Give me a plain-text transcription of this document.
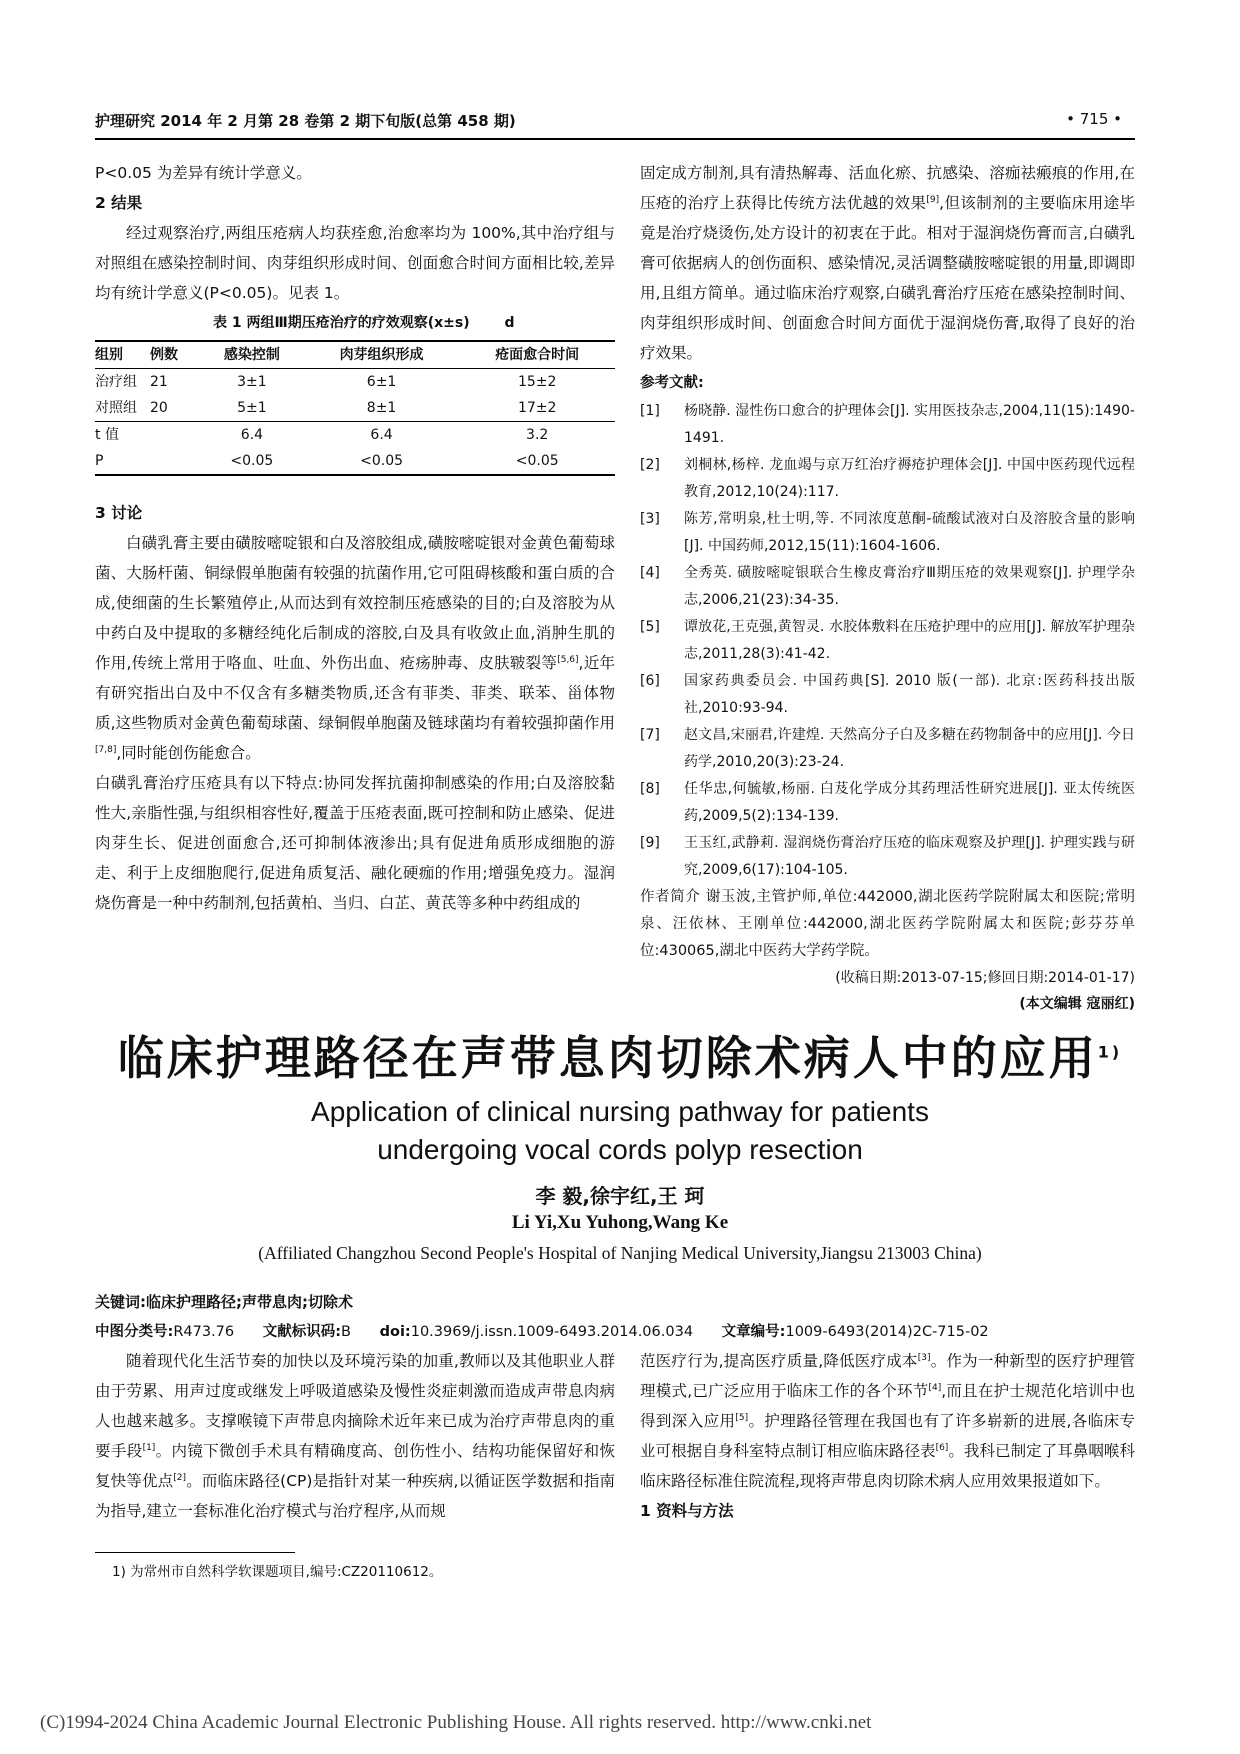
护理研究 2014 年 2 月第 28 卷第 2 期下旬版(总第 458 期)	• 715 •

P<0.05 为差异有统计学意义。

2 结果

经过观察治疗,两组压疮病人均获痊愈,治愈率均为 100%,其中治疗组与对照组在感染控制时间、肉芽组织形成时间、创面愈合时间方面相比较,差异均有统计学意义(P<0.05)。见表 1。

表 1 两组Ⅲ期压疮治疗的疗效观察(x±s) d
组别	例数	感染控制	肉芽组织形成	疮面愈合时间
治疗组	21	3±1	6±1	15±2
对照组	20	5±1	8±1	17±2
t 值		6.4	6.4	3.2
P		<0.05	<0.05	<0.05

3 讨论

白磺乳膏主要由磺胺嘧啶银和白及溶胶组成,磺胺嘧啶银对金黄色葡萄球菌、大肠杆菌、铜绿假单胞菌有较强的抗菌作用,它可阻碍核酸和蛋白质的合成,使细菌的生长繁殖停止,从而达到有效控制压疮感染的目的;白及溶胶为从中药白及中提取的多糖经纯化后制成的溶胶,白及具有收敛止血,消肿生肌的作用,传统上常用于咯血、吐血、外伤出血、疮疡肿毒、皮肤皲裂等[5,6],近年有研究指出白及中不仅含有多糖类物质,还含有菲类、菲类、联苯、甾体物质,这些物质对金黄色葡萄球菌、绿铜假单胞菌及链球菌均有着较强抑菌作用[7,8],同时能创伤能愈合。

白磺乳膏治疗压疮具有以下特点:协同发挥抗菌抑制感染的作用;白及溶胶黏性大,亲脂性强,与组织相容性好,覆盖于压疮表面,既可控制和防止感染、促进肉芽生长、促进创面愈合,还可抑制体液渗出;具有促进角质形成细胞的游走、利于上皮细胞爬行,促进角质复活、融化硬痂的作用;增强免疫力。湿润烧伤膏是一种中药制剂,包括黄柏、当归、白芷、黄芪等多种中药组成的

固定成方制剂,具有清热解毒、活血化瘀、抗感染、溶痂祛瘢痕的作用,在压疮的治疗上获得比传统方法优越的效果[9],但该制剂的主要临床用途毕竟是治疗烧烫伤,处方设计的初衷在于此。相对于湿润烧伤膏而言,白磺乳膏可依据病人的创伤面积、感染情况,灵活调整磺胺嘧啶银的用量,即调即用,且组方简单。通过临床治疗观察,白磺乳膏治疗压疮在感染控制时间、肉芽组织形成时间、创面愈合时间方面优于湿润烧伤膏,取得了良好的治疗效果。

参考文献:

[1]	杨晓静. 湿性伤口愈合的护理体会[J]. 实用医技杂志,2004,11(15):1490-1491.
[2]	刘桐林,杨梓. 龙血竭与京万红治疗褥疮护理体会[J]. 中国中医药现代远程教育,2012,10(24):117.
[3]	陈芳,常明泉,杜士明,等. 不同浓度葸酮-硫酸试液对白及溶胶含量的影响[J]. 中国药师,2012,15(11):1604-1606.
[4]	全秀英. 磺胺嘧啶银联合生橡皮膏治疗Ⅲ期压疮的效果观察[J]. 护理学杂志,2006,21(23):34-35.
[5]	谭放花,王克强,黄智灵. 水胶体敷料在压疮护理中的应用[J]. 解放军护理杂志,2011,28(3):41-42.
[6]	国家药典委员会. 中国药典[S]. 2010 版(一部). 北京:医药科技出版社,2010:93-94.
[7]	赵文昌,宋丽君,许建煌. 天然高分子白及多糖在药物制备中的应用[J]. 今日药学,2010,20(3):23-24.
[8]	任华忠,何毓敏,杨丽. 白芨化学成分其药理活性研究进展[J]. 亚太传统医药,2009,5(2):134-139.
[9]	王玉红,武静莉. 湿润烧伤膏治疗压疮的临床观察及护理[J]. 护理实践与研究,2009,6(17):104-105.

作者简介 谢玉波,主管护师,单位:442000,湖北医药学院附属太和医院;常明泉、汪依林、王刚单位:442000,湖北医药学院附属太和医院;彭芬芬单位:430065,湖北中医药大学药学院。

(收稿日期:2013-07-15;修回日期:2014-01-17)

(本文编辑 寇丽红)

临床护理路径在声带息肉切除术病人中的应用$^{1)}$
Application of clinical nursing pathway for patients
undergoing vocal cords polyp resection
李 毅,徐宇红,王 珂
Li Yi,Xu Yuhong,Wang Ke
(Affiliated Changzhou Second People's Hospital of Nanjing Medical University,Jiangsu 213003 China)
关键词:临床护理路径;声带息肉;切除术
中图分类号:R473.76 文献标识码:B doi:10.3969/j.issn.1009-6493.2014.06.034 文章编号:1009-6493(2014)2C-715-02

随着现代化生活节奏的加快以及环境污染的加重,教师以及其他职业人群由于劳累、用声过度或继发上呼吸道感染及慢性炎症刺激而造成声带息肉病人也越来越多。支撑喉镜下声带息肉摘除术近年来已成为治疗声带息肉的重要手段[1]。内镜下微创手术具有精确度高、创伤性小、结构功能保留好和恢复快等优点[2]。而临床路径(CP)是指针对某一种疾病,以循证医学数据和指南为指导,建立一套标准化治疗模式与治疗程序,从而规

范医疗行为,提高医疗质量,降低医疗成本[3]。作为一种新型的医疗护理管理模式,已广泛应用于临床工作的各个环节[4],而且在护士规范化培训中也得到深入应用[5]。护理路径管理在我国也有了许多崭新的进展,各临床专业可根据自身科室特点制订相应临床路径表[6]。我科已制定了耳鼻咽喉科临床路径标准住院流程,现将声带息肉切除术病人应用效果报道如下。

1 资料与方法

1) 为常州市自然科学软课题项目,编号:CZ20110612。
(C)1994-2024 China Academic Journal Electronic Publishing House. All rights reserved. http://www.cnki.net
